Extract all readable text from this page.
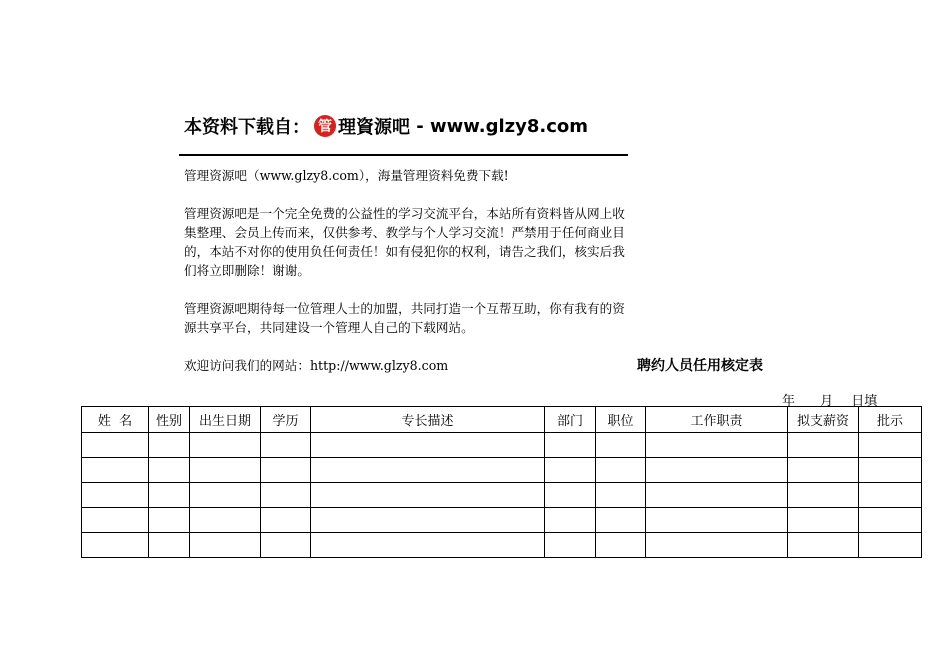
本资料下载自： 管 理資源吧 - www.glzy8.com

管理资源吧（www.glzy8.com），海量管理资料免费下载!

管理资源吧是一个完全免费的公益性的学习交流平台，本站所有资料皆从网上收集整理、会员上传而来，仅供参考、教学与个人学习交流！严禁用于任何商业目的，本站不对你的使用负任何责任！如有侵犯你的权利，请告之我们，核实后我们将立即删除！谢谢。

管理资源吧期待每一位管理人士的加盟，共同打造一个互帮互助，你有我有的资源共享平台，共同建设一个管理人自己的下载网站。

欢迎访问我们的网站：http://www.glzy8.com	聘约人员任用核定表
年 月 日填
姓  名	性别	出生日期	学历	专长描述	部门	职位	工作职责	拟支薪资	批示
